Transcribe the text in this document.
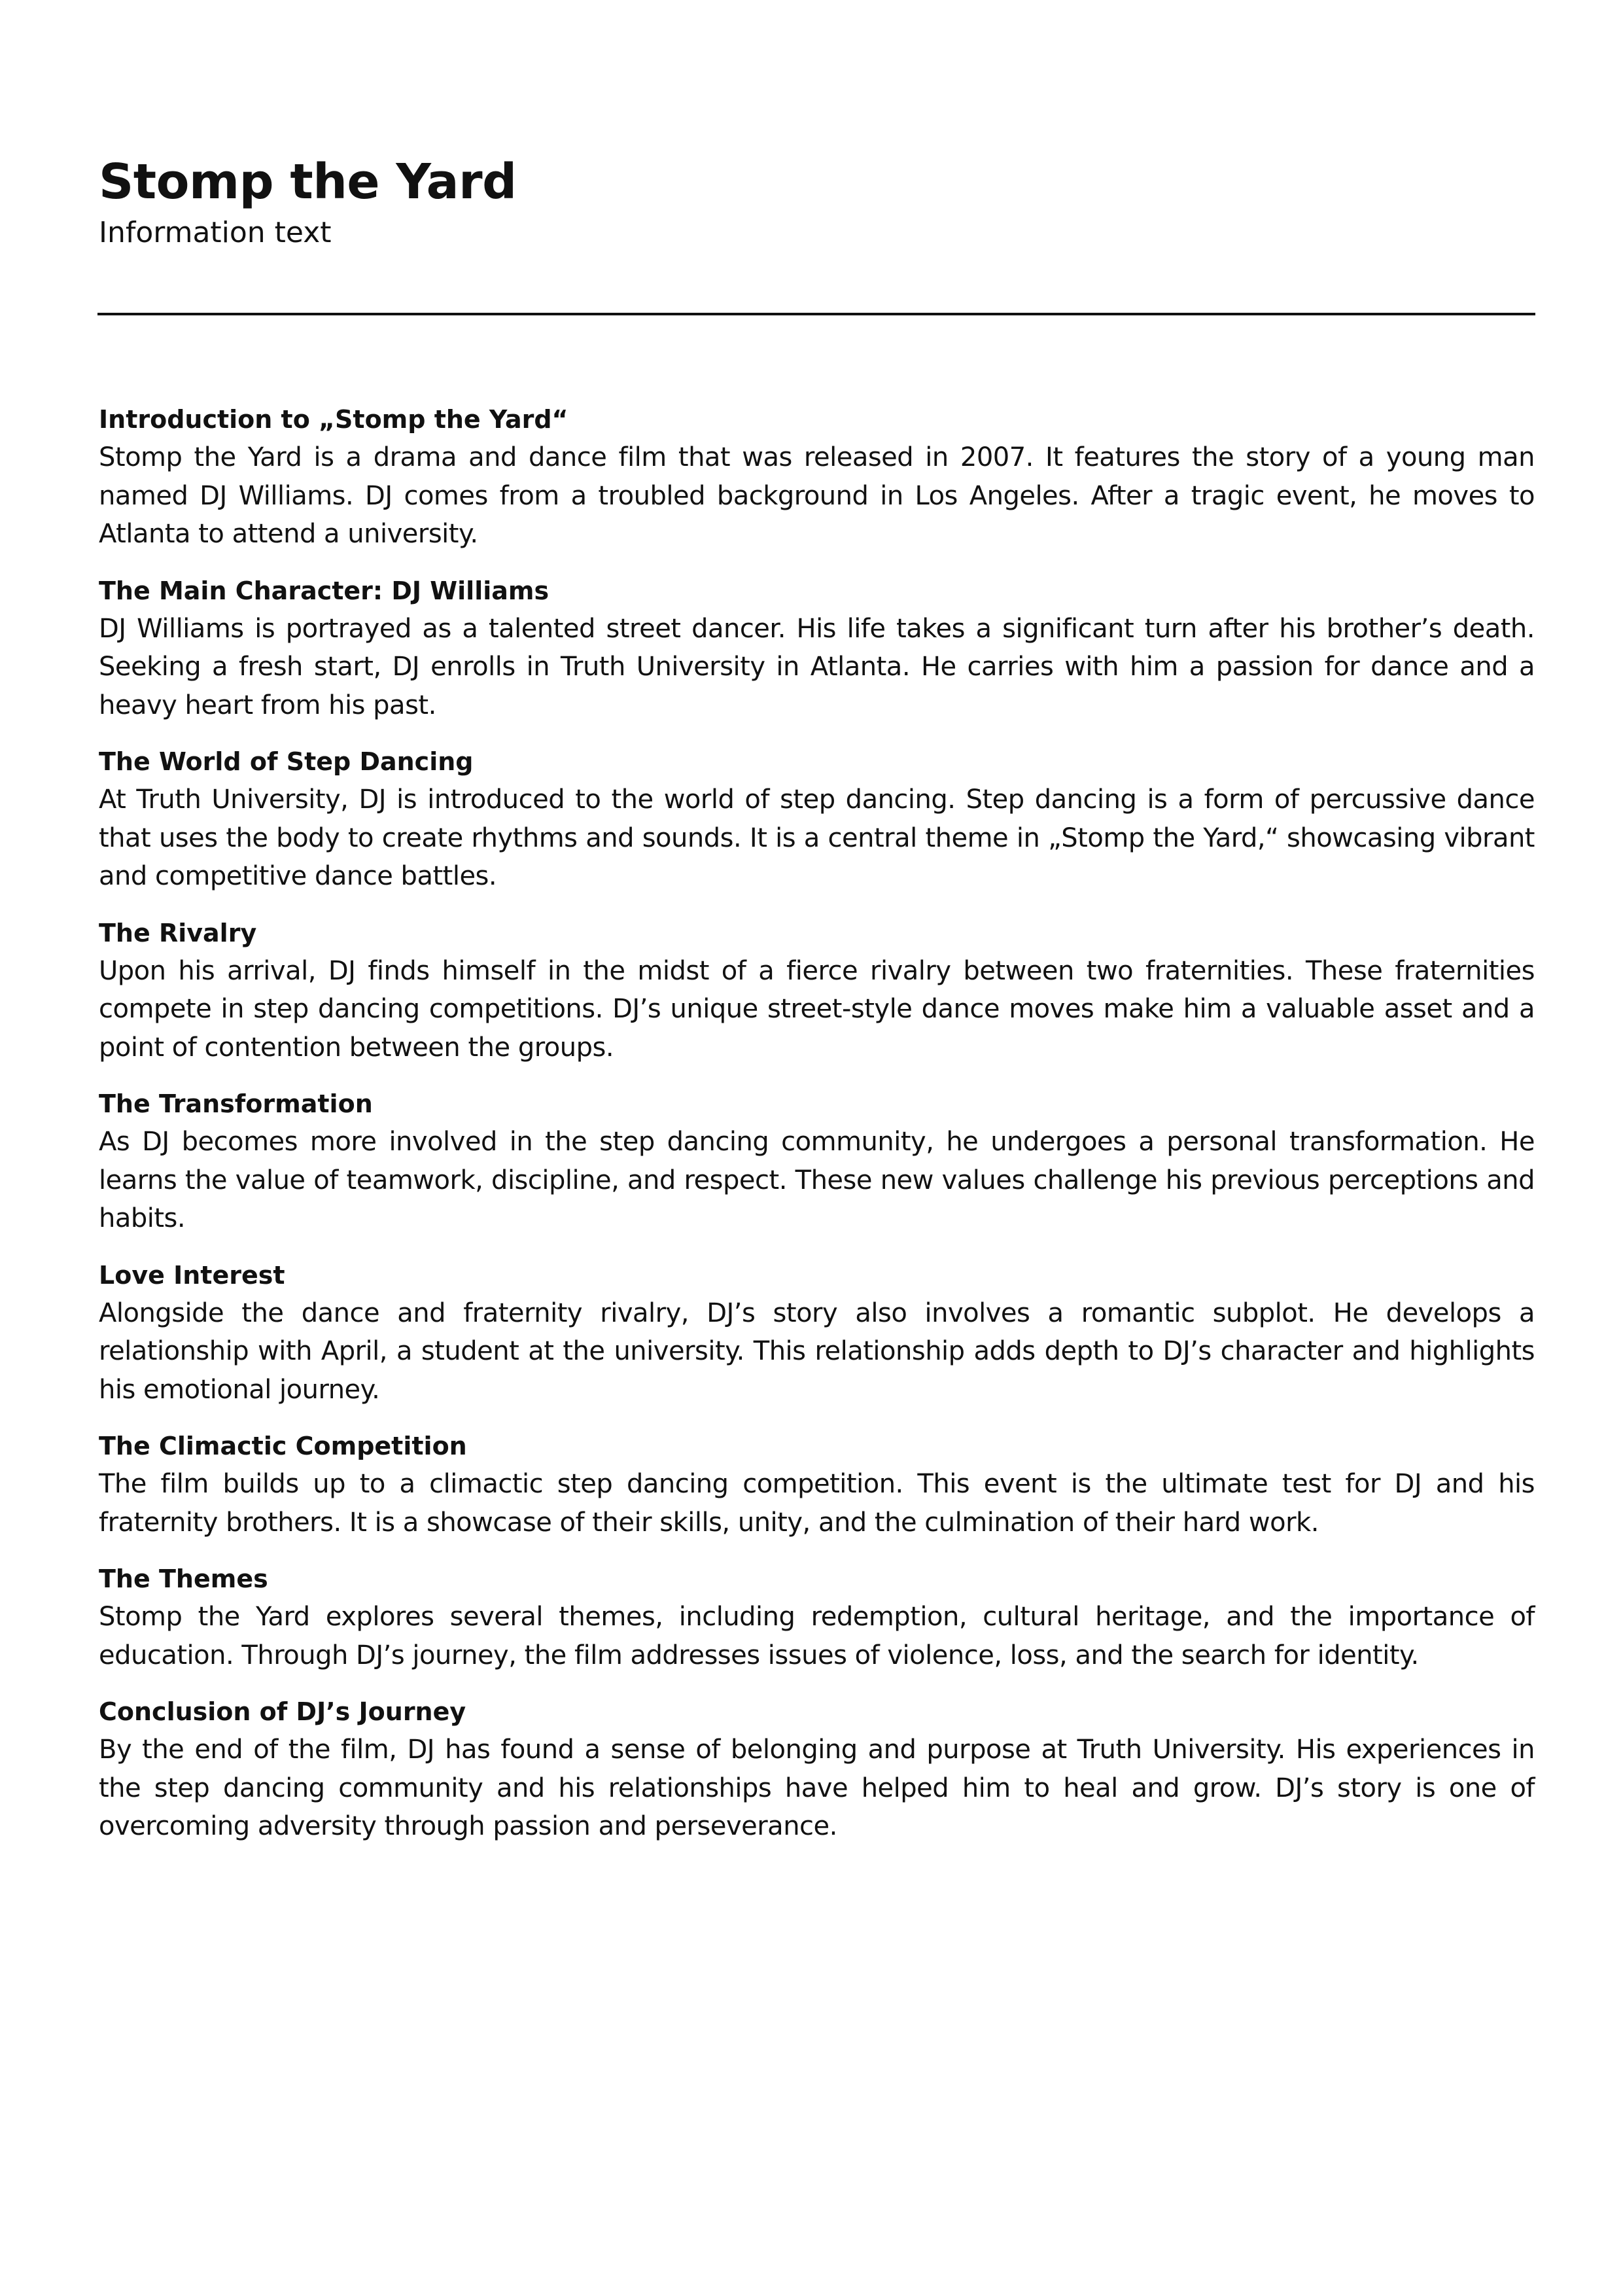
Stomp the Yard
Information text
Introduction to „Stomp the Yard“

Stomp the Yard is a drama and dance film that was released in 2007. It features the story of a young man named DJ Williams. DJ comes from a troubled background in Los Angeles. After a tragic event, he moves to Atlanta to attend a university.

The Main Character: DJ Williams

DJ Williams is portrayed as a talented street dancer. His life takes a significant turn after his brother’s death. Seeking a fresh start, DJ enrolls in Truth University in Atlanta. He carries with him a passion for dance and a heavy heart from his past.

The World of Step Dancing

At Truth University, DJ is introduced to the world of step dancing. Step dancing is a form of percussive dance that uses the body to create rhythms and sounds. It is a central theme in „Stomp the Yard,“ showcasing vibrant and competitive dance battles.

The Rivalry

Upon his arrival, DJ finds himself in the midst of a fierce rivalry between two fraternities. These fraternities compete in step dancing competitions. DJ’s unique street-style dance moves make him a valuable asset and a point of contention between the groups.

The Transformation

As DJ becomes more involved in the step dancing community, he undergoes a personal transformation. He learns the value of teamwork, discipline, and respect. These new values challenge his previous perceptions and habits.

Love Interest

Alongside the dance and fraternity rivalry, DJ’s story also involves a romantic subplot. He develops a relationship with April, a student at the university. This relationship adds depth to DJ’s character and highlights his emotional journey.

The Climactic Competition

The film builds up to a climactic step dancing competition. This event is the ultimate test for DJ and his fraternity brothers. It is a showcase of their skills, unity, and the culmination of their hard work.

The Themes

Stomp the Yard explores several themes, including redemption, cultural heritage, and the importance of education. Through DJ’s journey, the film addresses issues of violence, loss, and the search for identity.

Conclusion of DJ’s Journey

By the end of the film, DJ has found a sense of belonging and purpose at Truth University. His experiences in the step dancing community and his relationships have helped him to heal and grow. DJ’s story is one of overcoming adversity through passion and perseverance.
